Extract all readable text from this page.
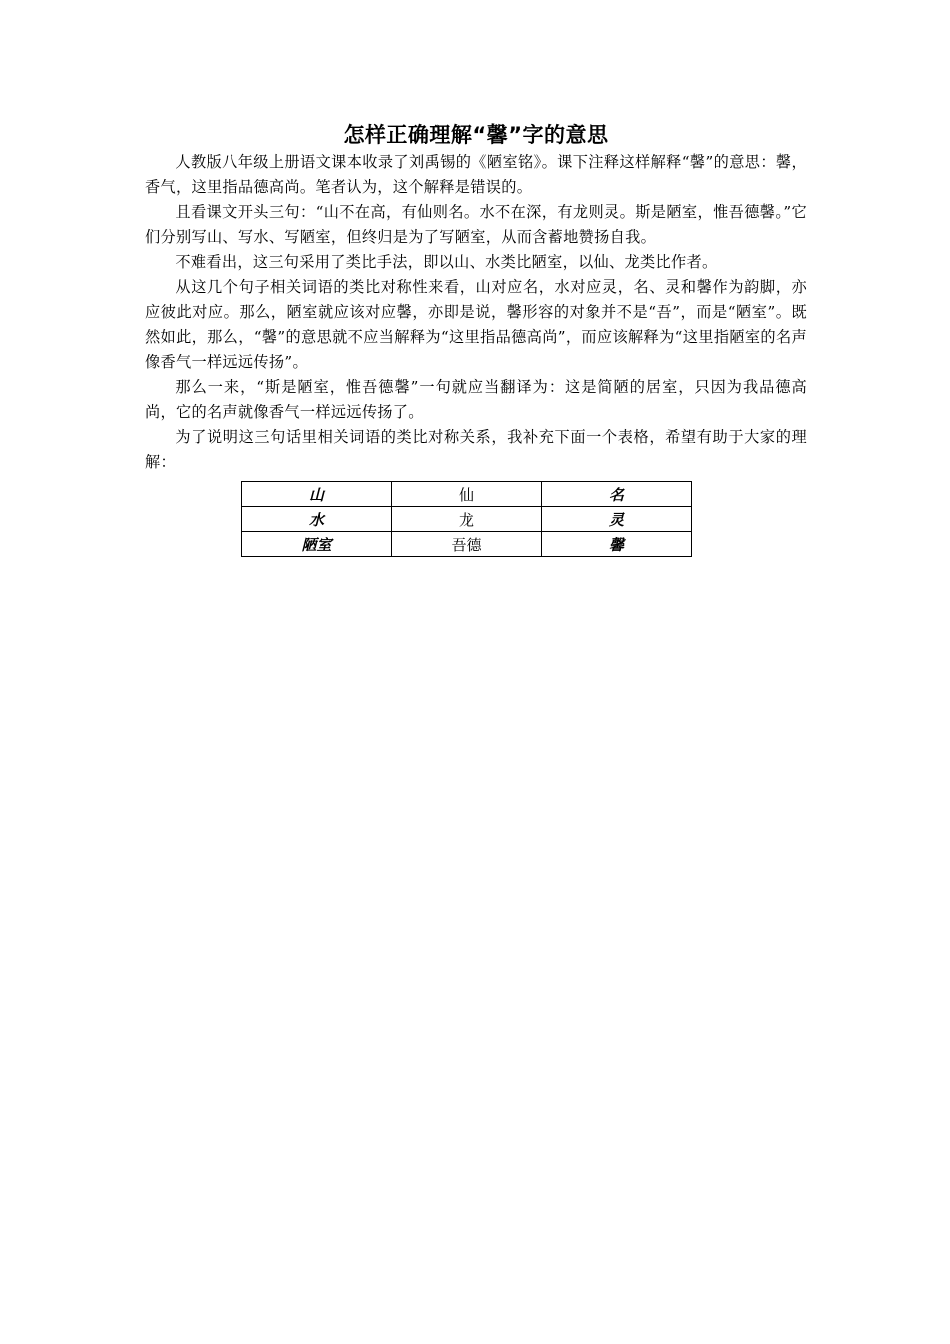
怎样正确理解“馨”字的意思

人教版八年级上册语文课本收录了刘禹锡的《陋室铭》。课下注释这样解释“馨”的意思：馨，香气，这里指品德高尚。笔者认为，这个解释是错误的。

且看课文开头三句：“山不在高，有仙则名。水不在深，有龙则灵。斯是陋室，惟吾德馨。”它们分别写山、写水、写陋室，但终归是为了写陋室，从而含蓄地赞扬自我。

不难看出，这三句采用了类比手法，即以山、水类比陋室，以仙、龙类比作者。

从这几个句子相关词语的类比对称性来看，山对应名，水对应灵，名、灵和馨作为韵脚，亦应彼此对应。那么，陋室就应该对应馨，亦即是说，馨形容的对象并不是“吾”，而是“陋室”。既然如此，那么，“馨”的意思就不应当解释为“这里指品德高尚”，而应该解释为“这里指陋室的名声像香气一样远远传扬”。

那么一来，“斯是陋室，惟吾德馨”一句就应当翻译为：这是简陋的居室，只因为我品德高尚，它的名声就像香气一样远远传扬了。

为了说明这三句话里相关词语的类比对称关系，我补充下面一个表格，希望有助于大家的理解：

山	仙	名
水	龙	灵
陋室	吾德	馨
